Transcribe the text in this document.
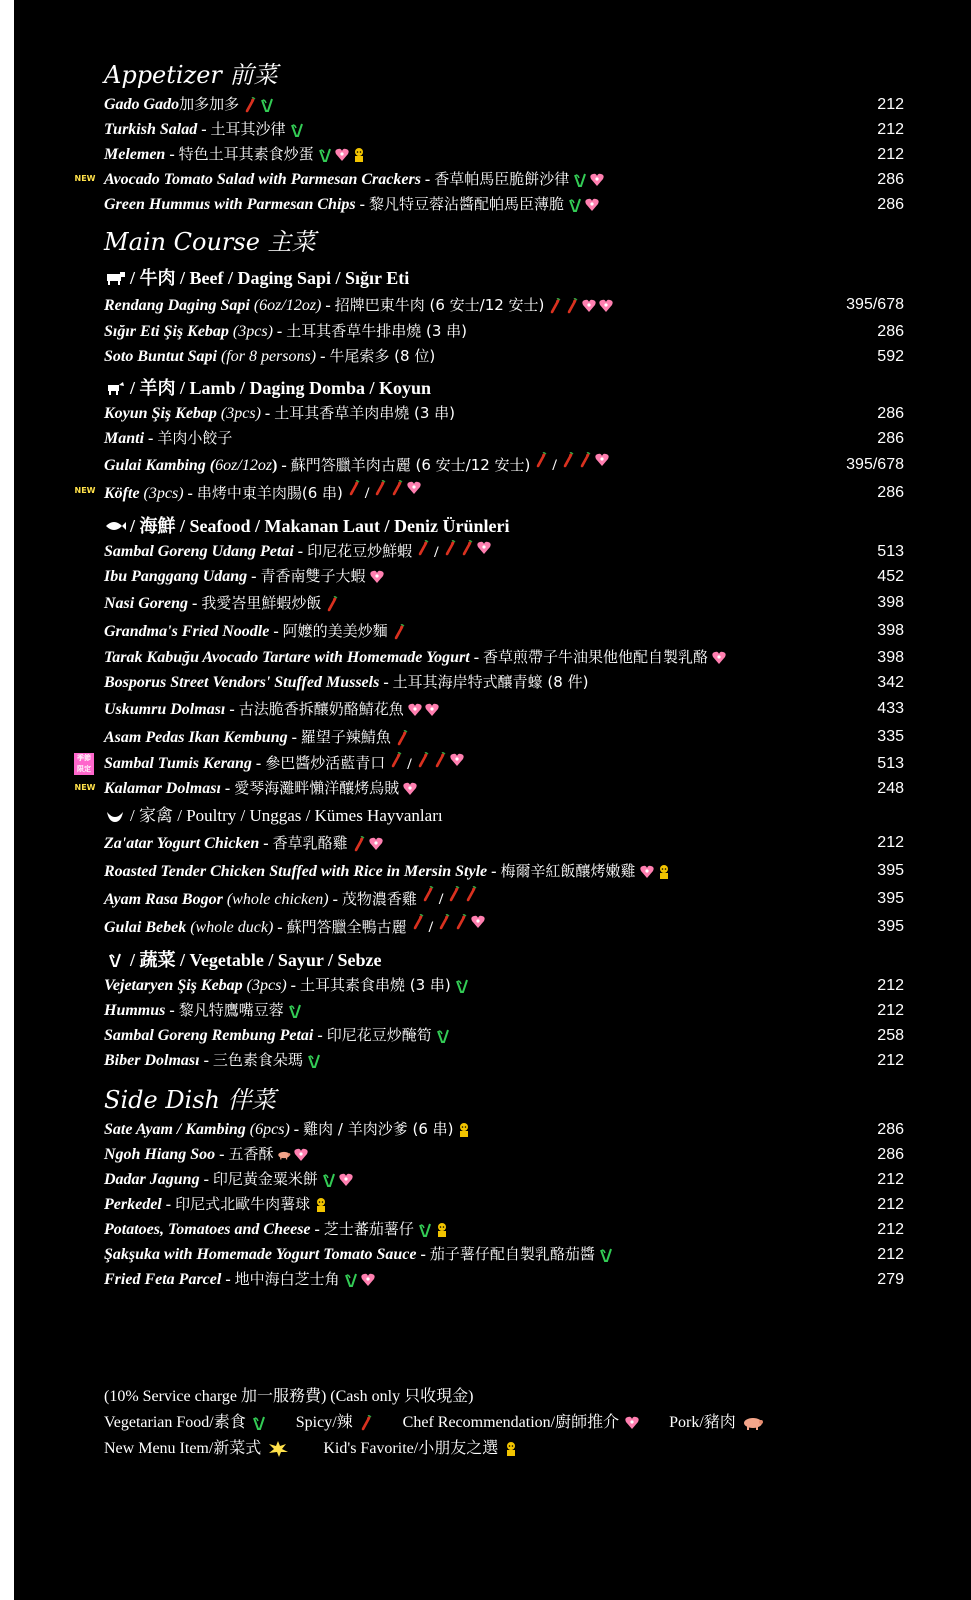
Appetizer 前菜
Gado Gado加多加多	212
Turkish Salad - 土耳其沙律	212
Melemen - 特色土耳其素食炒蛋	212
NEW Avocado Tomato Salad with Parmesan Crackers - 香草帕馬臣脆餅沙律	286
Green Hummus with Parmesan Chips - 黎凡特豆蓉沾醬配帕馬臣薄脆	286
Main Course 主菜
/ 牛肉 / Beef / Daging Sapi / Sığır Eti
Rendang Daging Sapi (6oz/12oz) - 招牌巴東牛肉 (6 安士/12 安士)	395/678
Sığır Eti Şiş Kebap (3pcs) - 土耳其香草牛排串燒 (3 串)	286
Soto Buntut Sapi (for 8 persons) - 牛尾索多 (8 位)	592
/ 羊肉 / Lamb / Daging Domba / Koyun
Koyun Şiş Kebap (3pcs) - 土耳其香草羊肉串燒 (3 串)	286
Manti - 羊肉小餃子	286
Gulai Kambing (6oz/12oz) - 蘇門答臘羊肉古麗 (6 安士/12 安士) /	395/678
NEW Köfte (3pcs) - 串烤中東羊肉腸(6 串) /	286
/ 海鮮 / Seafood / Makanan Laut / Deniz Ürünleri
Sambal Goreng Udang Petai - 印尼花豆炒鮮蝦 /	513
Ibu Panggang Udang - 青香南雙子大蝦	452
Nasi Goreng - 我愛峇里鮮蝦炒飯	398
Grandma's Fried Noodle - 阿嬤的美美炒麵	398
Tarak Kabuğu Avocado Tartare with Homemade Yogurt - 香草煎帶子牛油果他他配自製乳酪	398
Bosporus Street Vendors' Stuffed Mussels - 土耳其海岸特式釀青蠔 (8 件)	342
Uskumru Dolması - 古法脆香拆釀奶酪鯖花魚	433
Asam Pedas Ikan Kembung - 羅望子辣鯖魚	335
季節限定 Sambal Tumis Kerang - 參巴醬炒活藍青口 /	513
NEW Kalamar Dolması - 愛琴海灘畔懶洋釀烤烏賊	248
/ 家禽 / Poultry / Unggas / Kümes Hayvanları
Za'atar Yogurt Chicken - 香草乳酪雞	212
Roasted Tender Chicken Stuffed with Rice in Mersin Style - 梅爾辛紅飯釀烤嫩雞	395
Ayam Rasa Bogor (whole chicken) - 茂物濃香雞 /	395
Gulai Bebek (whole duck) - 蘇門答臘全鴨古麗 /	395
/ 蔬菜 / Vegetable / Sayur / Sebze
Vejetaryen Şiş Kebap (3pcs) - 土耳其素食串燒 (3 串)	212
Hummus - 黎凡特鷹嘴豆蓉	212
Sambal Goreng Rembung Petai - 印尼花豆炒醃筍	258
Biber Dolması - 三色素食朵瑪	212
Side Dish 伴菜
Sate Ayam / Kambing (6pcs) - 雞肉 / 羊肉沙爹 (6 串)	286
Ngoh Hiang Soo - 五香酥	286
Dadar Jagung - 印尼黃金粟米餅	212
Perkedel - 印尼式北歐牛肉薯球	212
Potatoes, Tomatoes and Cheese - 芝士蕃茄薯仔	212
Şakşuka with Homemade Yogurt Tomato Sauce - 茄子薯仔配自製乳酪茄醬	212
Fried Feta Parcel - 地中海白芝士角	279
(10% Service charge 加一服務費) (Cash only 只收現金)
Vegetarian Food/素食	Spicy/辣	Chef Recommendation/廚師推介	Pork/豬肉
New Menu Item/新菜式	Kid's Favorite/小朋友之選
